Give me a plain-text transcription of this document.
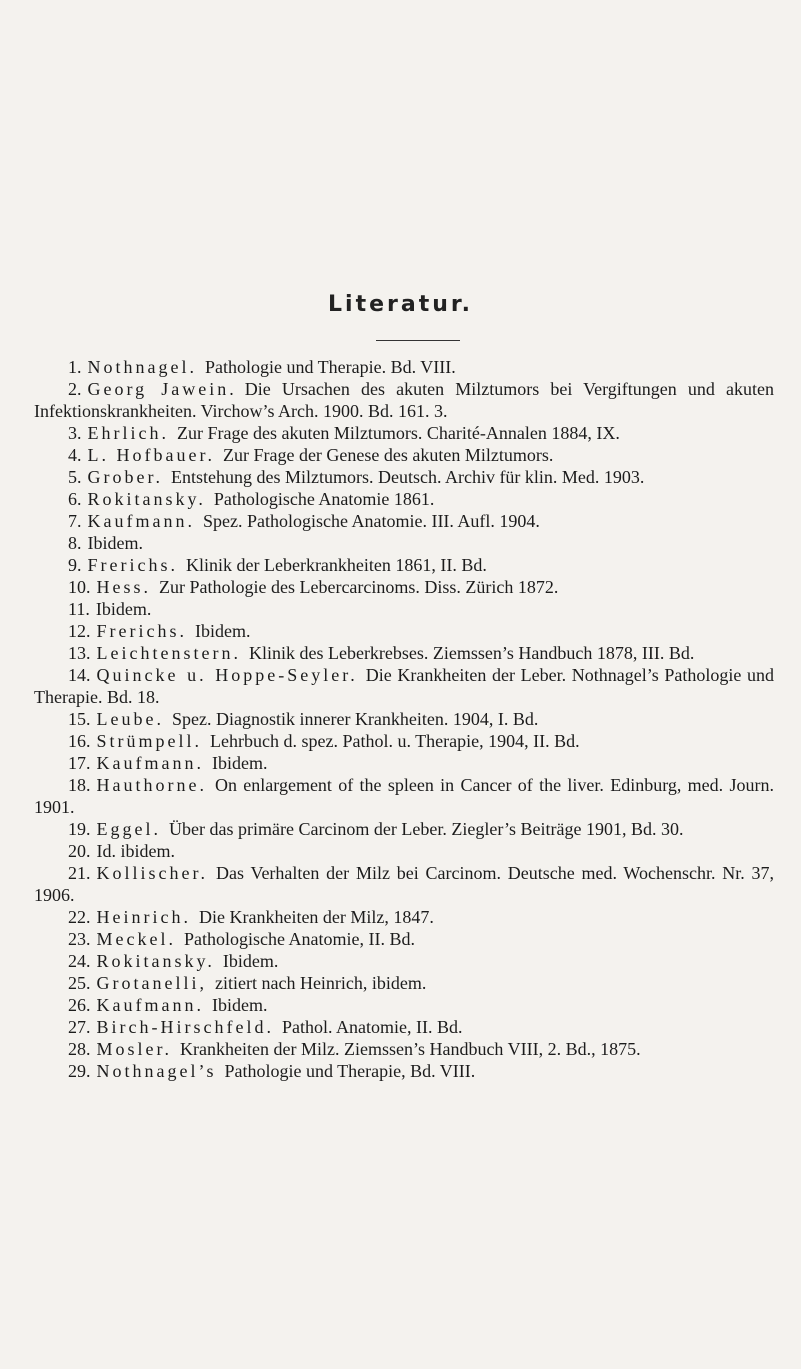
Literatur.

1. Nothnagel. Pathologie und Therapie. Bd. VIII.

2. Georg Jawein. Die Ursachen des akuten Milztumors bei Vergiftungen und akuten Infektionskrankheiten. Virchow’s Arch. 1900. Bd. 161. 3.

3. Ehrlich. Zur Frage des akuten Milztumors. Charité-Annalen 1884, IX.

4. L. Hofbauer. Zur Frage der Genese des akuten Milztumors.

5. Grober. Entstehung des Milztumors. Deutsch. Archiv für klin. Med. 1903.

6. Rokitansky. Pathologische Anatomie 1861.

7. Kaufmann. Spez. Pathologische Anatomie. III. Aufl. 1904.

8. Ibidem.

9. Frerichs. Klinik der Leberkrankheiten 1861, II. Bd.

10. Hess. Zur Pathologie des Lebercarcinoms. Diss. Zürich 1872.

11. Ibidem.

12. Frerichs. Ibidem.

13. Leichtenstern. Klinik des Leberkrebses. Ziemssen’s Handbuch 1878, III. Bd.

14. Quincke u. Hoppe-Seyler. Die Krankheiten der Leber. Nothnagel’s Pathologie und Therapie. Bd. 18.

15. Leube. Spez. Diagnostik innerer Krankheiten. 1904, I. Bd.

16. Strümpell. Lehrbuch d. spez. Pathol. u. Therapie, 1904, II. Bd.

17. Kaufmann. Ibidem.

18. Hauthorne. On enlargement of the spleen in Cancer of the liver. Edinburg, med. Journ. 1901.

19. Eggel. Über das primäre Carcinom der Leber. Ziegler’s Beiträge 1901, Bd. 30.

20. Id. ibidem.

21. Kollischer. Das Verhalten der Milz bei Carcinom. Deutsche med. Wochenschr. Nr. 37, 1906.

22. Heinrich. Die Krankheiten der Milz, 1847.

23. Meckel. Pathologische Anatomie, II. Bd.

24. Rokitansky. Ibidem.

25. Grotanelli, zitiert nach Heinrich, ibidem.

26. Kaufmann. Ibidem.

27. Birch-Hirschfeld. Pathol. Anatomie, II. Bd.

28. Mosler. Krankheiten der Milz. Ziemssen’s Handbuch VIII, 2. Bd., 1875.

29. Nothnagel’s Pathologie und Therapie, Bd. VIII.
